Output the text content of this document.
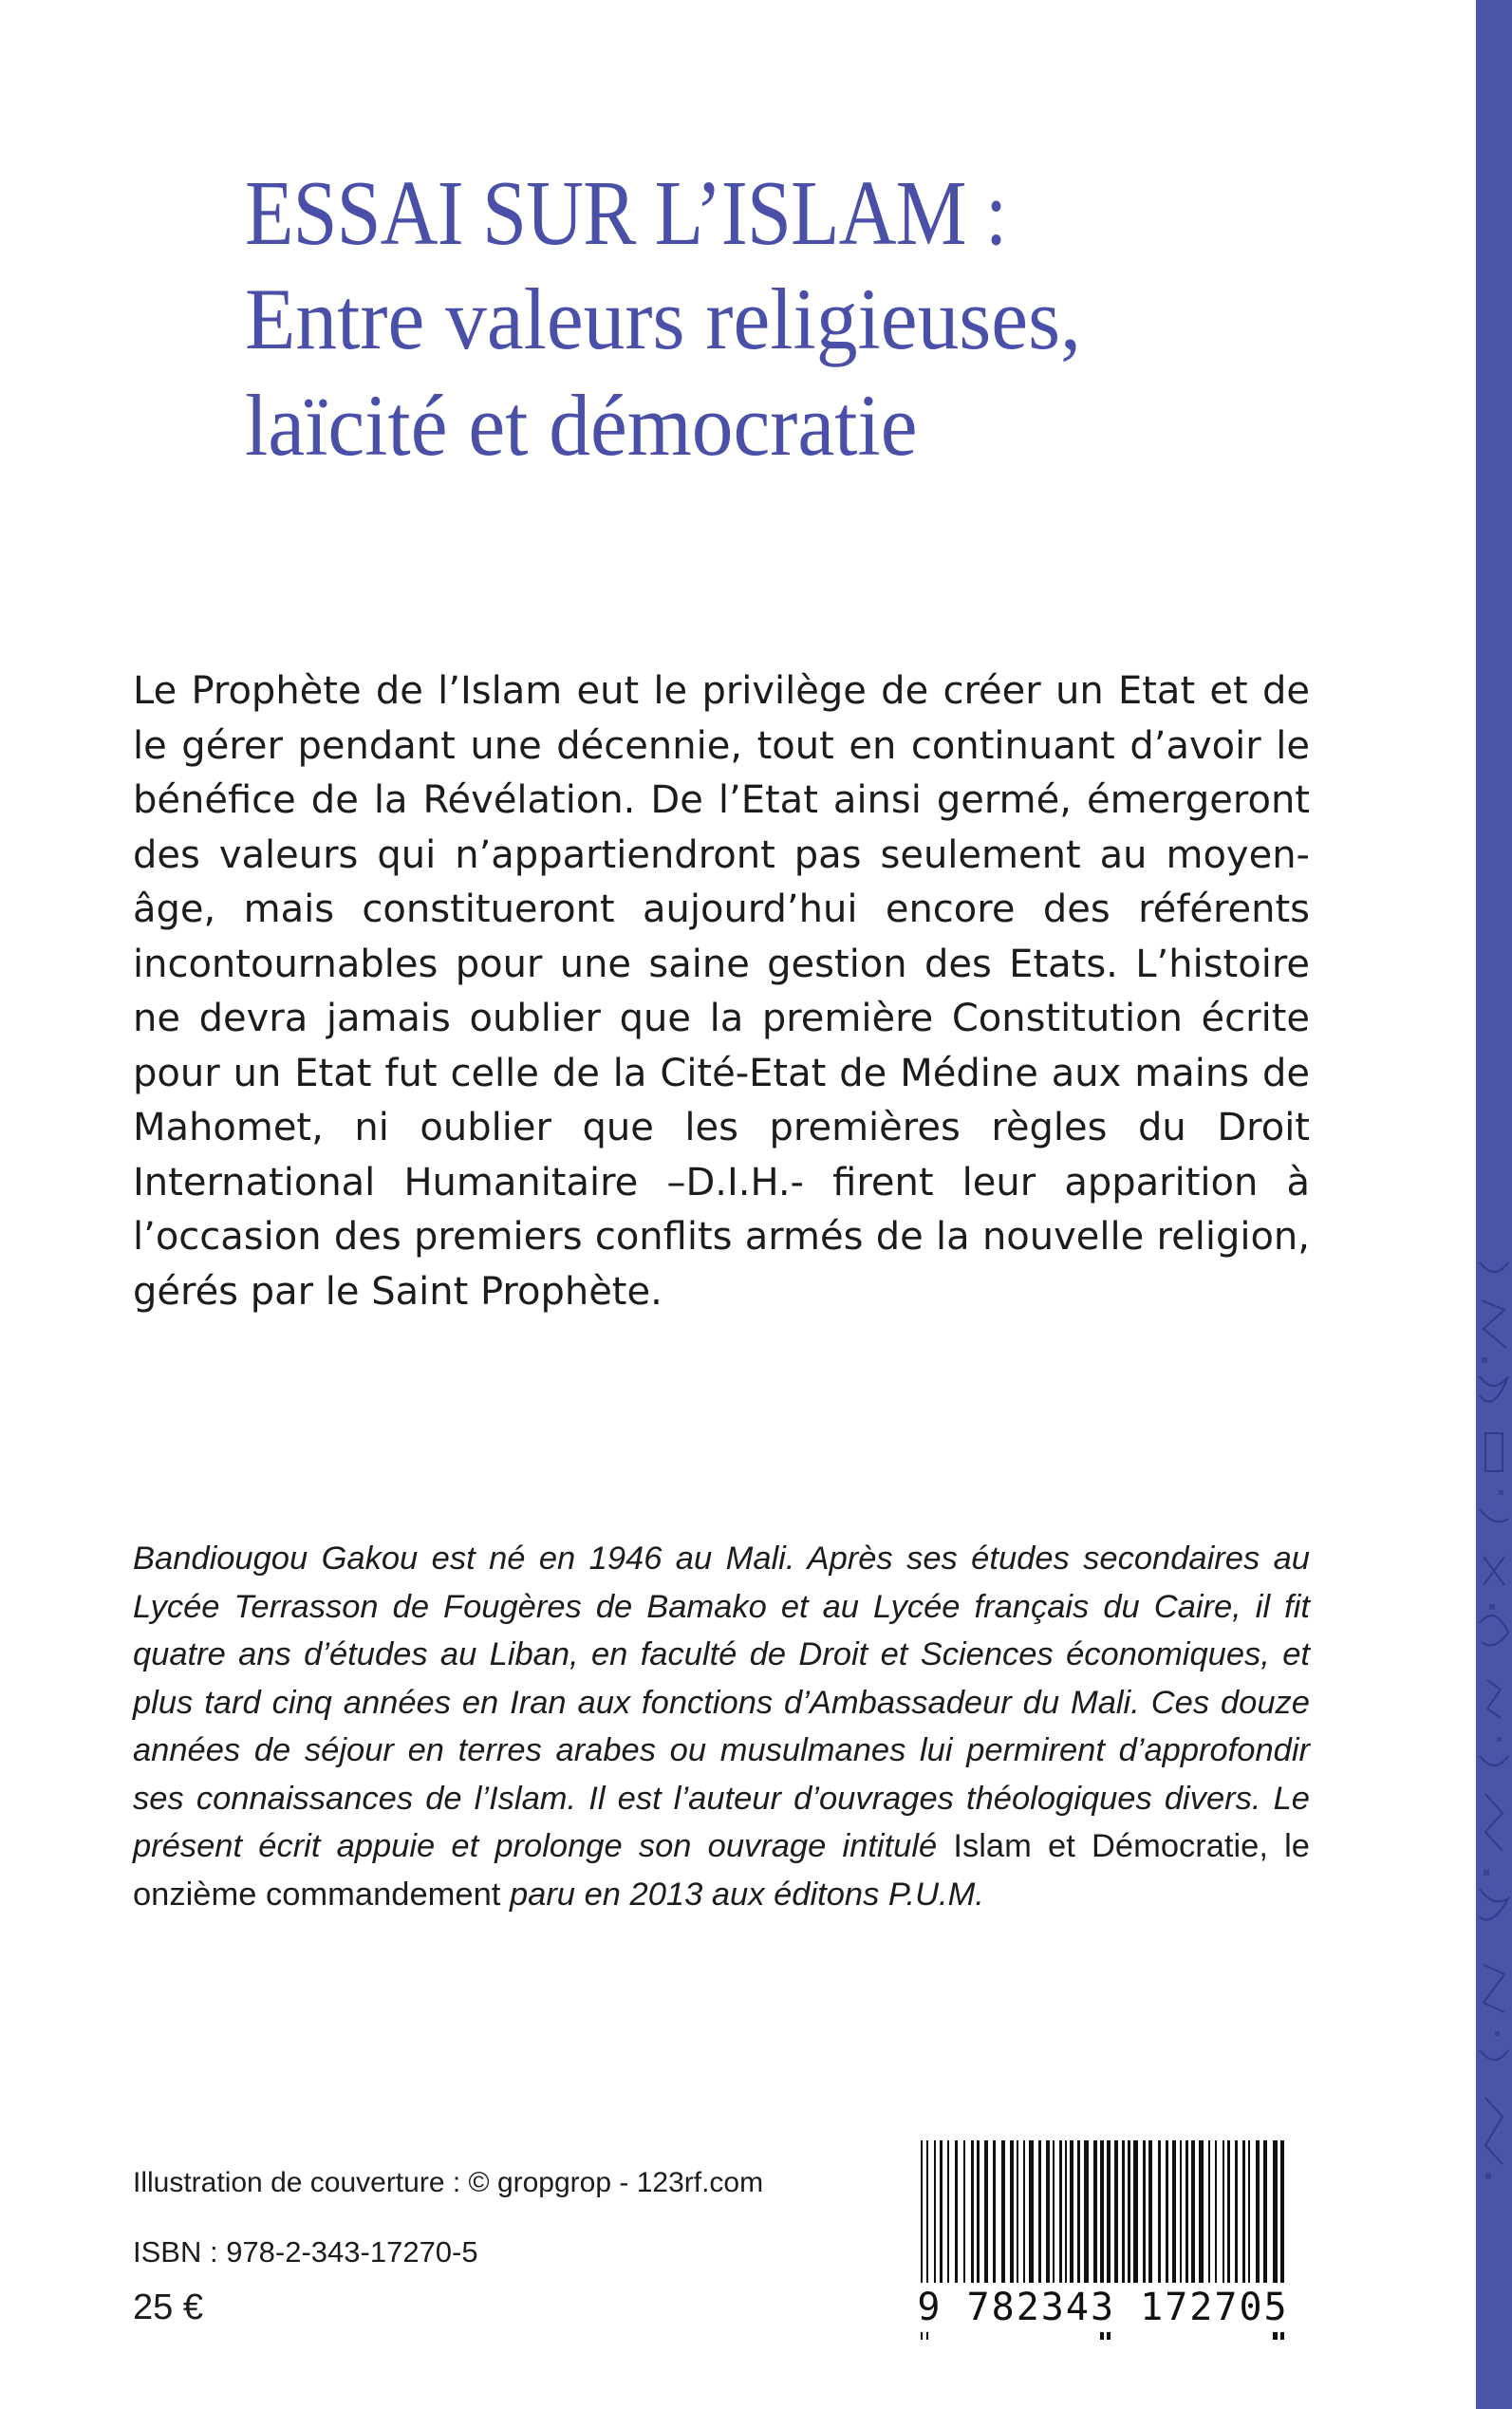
ESSAI SUR L’ISLAM :
Entre valeurs religieuses,
laïcité et démocratie

Le Prophète de l’Islam eut le privilège de créer un Etat et de le gérer pendant une décennie, tout en continuant d’avoir le bénéfice de la Révélation. De l’Etat ainsi germé, émergeront des valeurs qui n’appartiendront pas seulement au moyen-âge, mais constitueront aujourd’hui encore des référents incontournables pour une saine gestion des Etats. L’histoire ne devra jamais oublier que la première Constitution écrite pour un Etat fut celle de la Cité-Etat de Médine aux mains de Mahomet, ni oublier que les premières règles du Droit International Humanitaire –D.I.H.- firent leur apparition à l’occasion des premiers conflits armés de la nouvelle religion, gérés par le Saint Prophète.

Bandiougou Gakou est né en 1946 au Mali. Après ses études secondaires au Lycée Terrasson de Fougères de Bamako et au Lycée français du Caire, il fit quatre ans d’études au Liban, en faculté de Droit et Sciences économiques, et plus tard cinq années en Iran aux fonctions d’Ambassadeur du Mali. Ces douze années de séjour en terres arabes ou musulmanes lui permirent d’approfondir ses connaissances de l’Islam. Il est l’auteur d’ouvrages théologiques divers. Le présent écrit appuie et prolonge son ouvrage intitulé Islam et Démocratie, le onzième commandement paru en 2013 aux éditons P.U.M.

Illustration de couverture : © gropgrop - 123rf.com
ISBN : 978-2-343-17270-5
25 €	9 782343 172705
